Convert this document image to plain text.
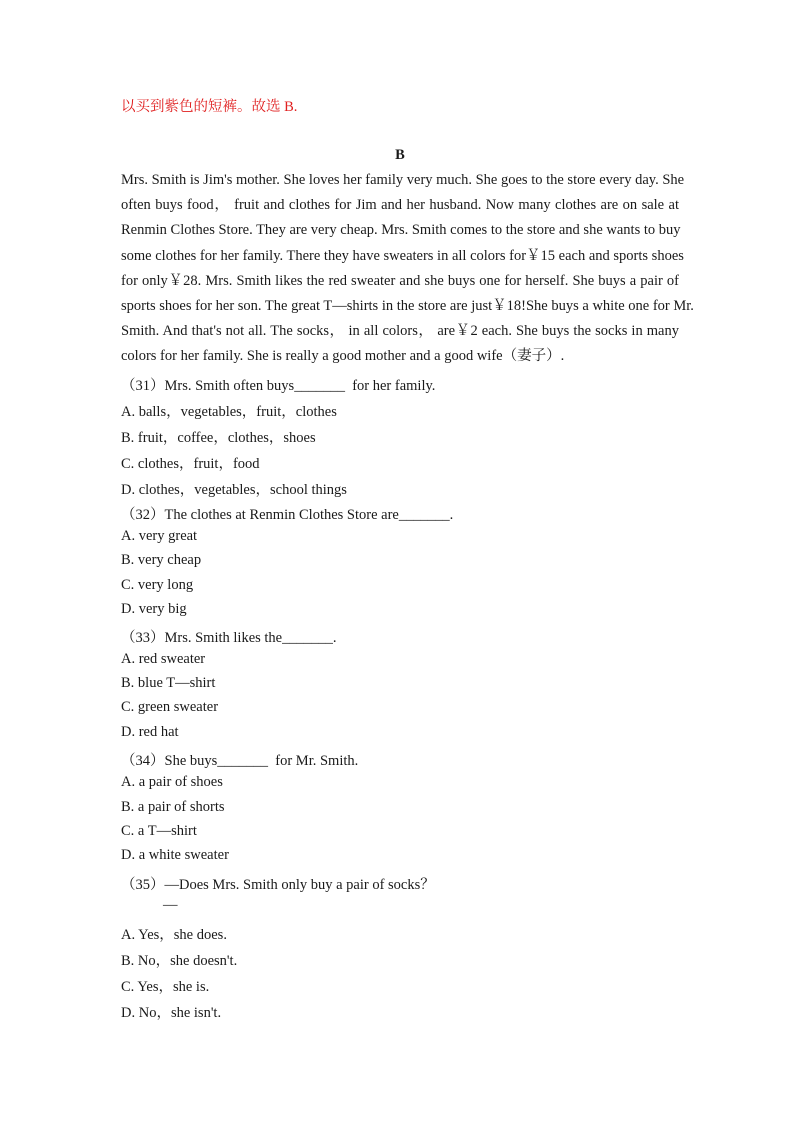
以买到紫色的短裤。故选 B.
B
Mrs. Smith is Jim's mother. She loves her family very much. She goes to the store every day. She
often buys food， fruit and clothes for Jim and her husband. Now many clothes are on sale at
Renmin Clothes Store. They are very cheap. Mrs. Smith comes to the store and she wants to buy
some clothes for her family. There they have sweaters in all colors for￥15 each and sports shoes
for only￥28. Mrs. Smith likes the red sweater and she buys one for herself. She buys a pair of
sports shoes for her son. The great T—shirts in the store are just￥18!She buys a white one for Mr.
Smith. And that's not all. The socks， in all colors， are￥2 each. She buys the socks in many
colors for her family. She is really a good mother and a good wife（妻子）.
（31）Mrs. Smith often buys_______  for her family.
A. balls，vegetables，fruit，clothes
B. fruit，coffee，clothes，shoes
C. clothes，fruit，food
D. clothes，vegetables，school things
（32）The clothes at Renmin Clothes Store are_______.
A. very great
B. very cheap
C. very long
D. very big
（33）Mrs. Smith likes the_______.
A. red sweater
B. blue T—shirt
C. green sweater
D. red hat
（34）She buys_______  for Mr. Smith.
A. a pair of shoes
B. a pair of shorts
C. a T—shirt
D. a white sweater
（35）—Does Mrs. Smith only buy a pair of socks？
—
A. Yes，she does.
B. No，she doesn't.
C. Yes，she is.
D. No，she isn't.
